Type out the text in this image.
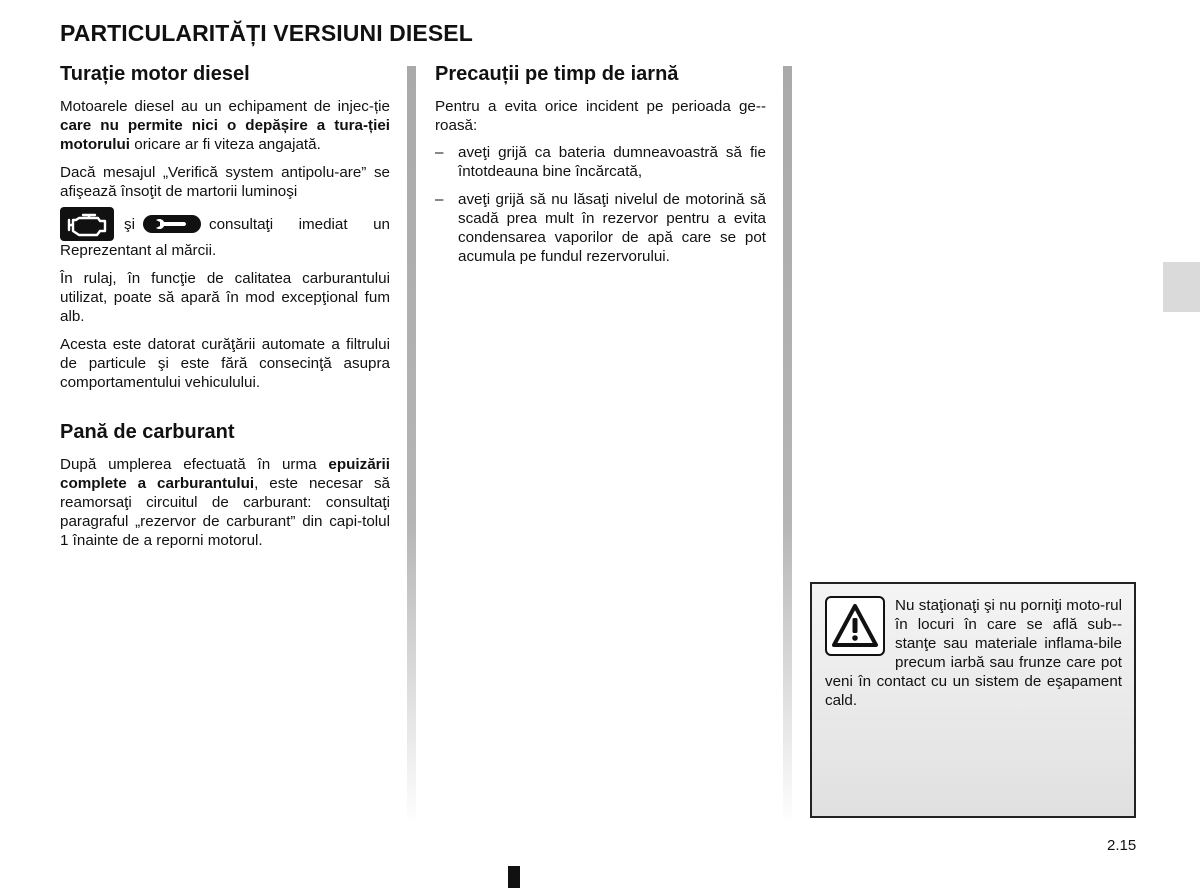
PARTICULARITĂȚI VERSIUNI DIESEL
Turație motor diesel

Motoarele diesel au un echipament de injec-ție care nu permite nici o depășire a tura-ției motorului oricare ar fi viteza angajată.

Dacă mesajul „Verifică system antipolu-are” se afişează însoţit de martorii luminoşi

şi	consultaţi imediat un

Reprezentant al mărcii.

În rulaj, în funcţie de calitatea carburantului utilizat, poate să apară în mod excepţional fum alb.

Acesta este datorat curăţării automate a filtrului de particule şi este fără consecinţă asupra comportamentului vehiculului.

Pană de carburant

După umplerea efectuată în urma epuizării complete a carburantului, este necesar să reamorsaţi circuitul de carburant: consultaţi paragraful „rezervor de carburant” din capi-tolul 1 înainte de a reporni motorul.

Precauții pe timp de iarnă

Pentru a evita orice incident pe perioada ge-roasă:

– aveţi grijă ca bateria dumneavoastră să fie întotdeauna bine încărcată,
– aveţi grijă să nu lăsaţi nivelul de motorină să scadă prea mult în rezervor pentru a evita condensarea vaporilor de apă care se pot acumula pe fundul rezervorului.

Nu staţionaţi şi nu porniţi moto-rul în locuri în care se află sub-stanţe sau materiale inflama-bile precum iarbă sau frunze care pot veni în contact cu un sistem de eşapament cald.

2.15
